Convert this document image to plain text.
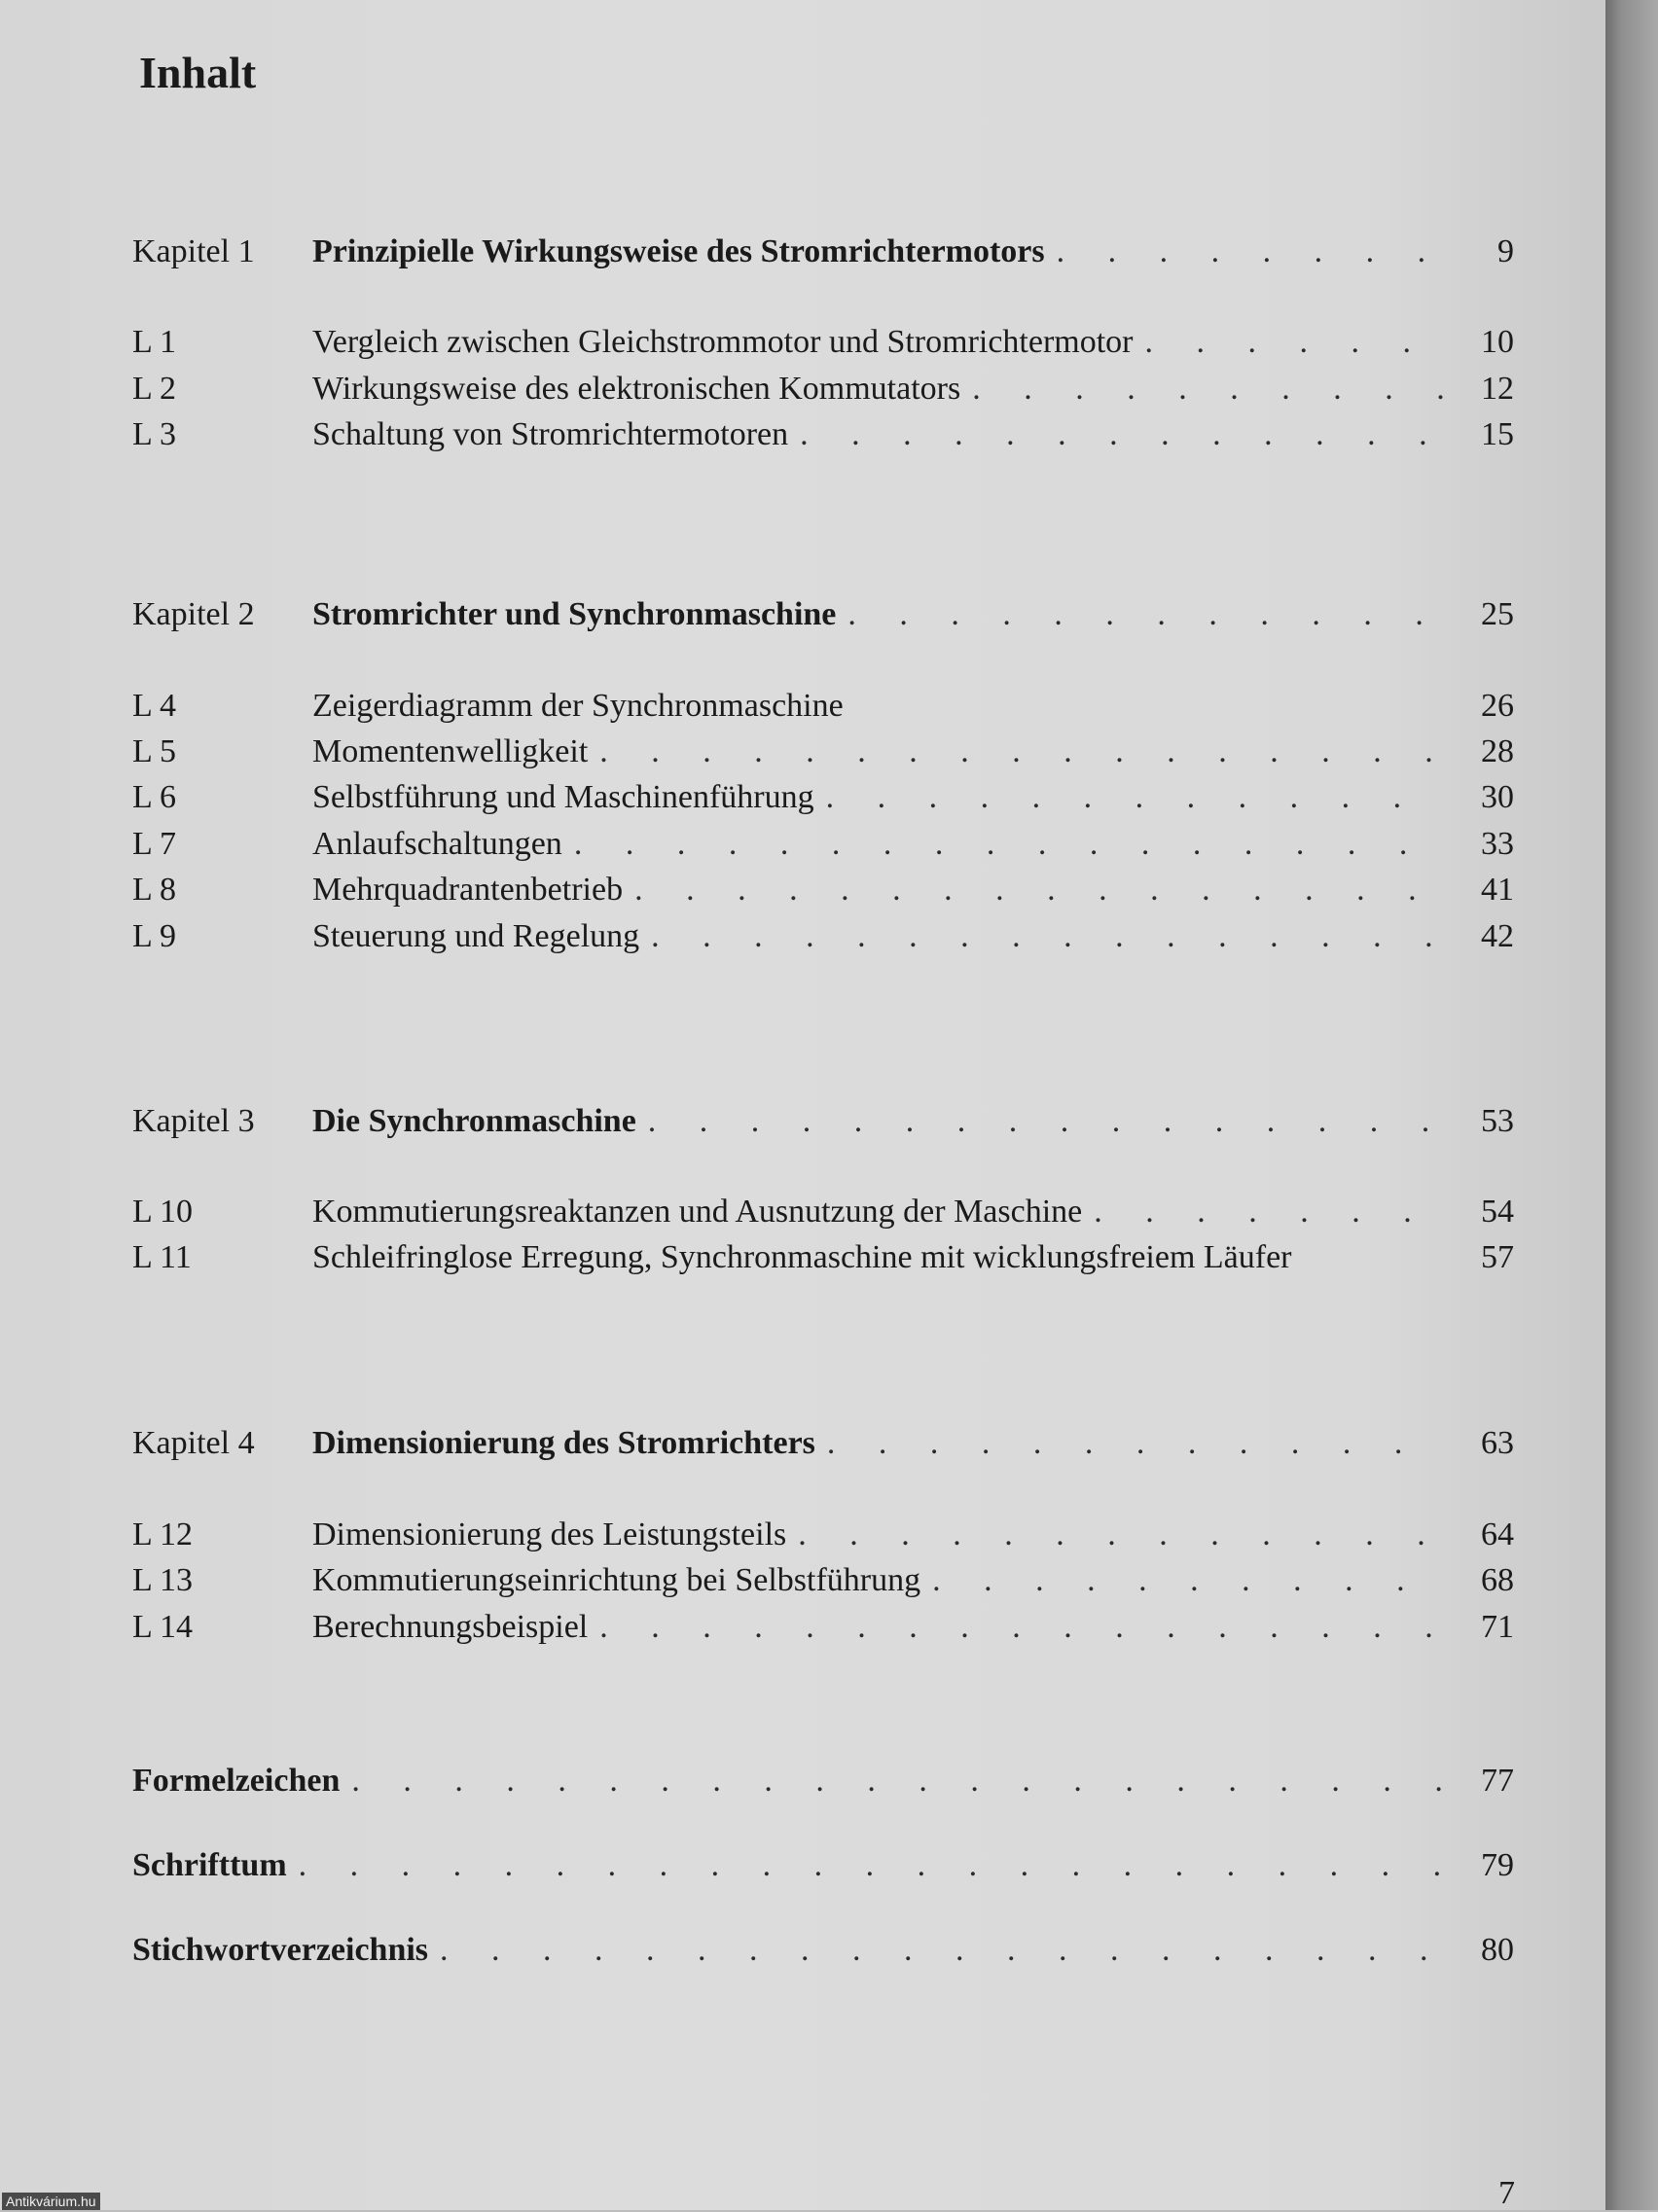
Inhalt
Kapitel 1	Prinzipielle Wirkungsweise des Stromrichtermotors . . .	9
L 1	Vergleich zwischen Gleichstrommotor und Stromrichtermotor . . .	10
L 2	Wirkungsweise des elektronischen Kommutators . . .	12
L 3	Schaltung von Stromrichtermotoren . . .	15
Kapitel 2	Stromrichter und Synchronmaschine . . .	25
L 4	Zeigerdiagramm der Synchronmaschine	26
L 5	Momentenwelligkeit . . .	28
L 6	Selbstführung und Maschinenführung . . .	30
L 7	Anlaufschaltungen . . .	33
L 8	Mehrquadrantenbetrieb . . .	41
L 9	Steuerung und Regelung . . .	42
Kapitel 3	Die Synchronmaschine . . .	53
L 10	Kommutierungsreaktanzen und Ausnutzung der Maschine . . .	54
L 11	Schleifringlose Erregung, Synchronmaschine mit wicklungsfreiem Läufer	57
Kapitel 4	Dimensionierung des Stromrichters . . .	63
L 12	Dimensionierung des Leistungsteils . . .	64
L 13	Kommutierungseinrichtung bei Selbstführung . . .	68
L 14	Berechnungsbeispiel . . .	71
Formelzeichen . . .	77
Schrifttum . . .	79
Stichwortverzeichnis . . .	80
7
Antikvárium.hu
